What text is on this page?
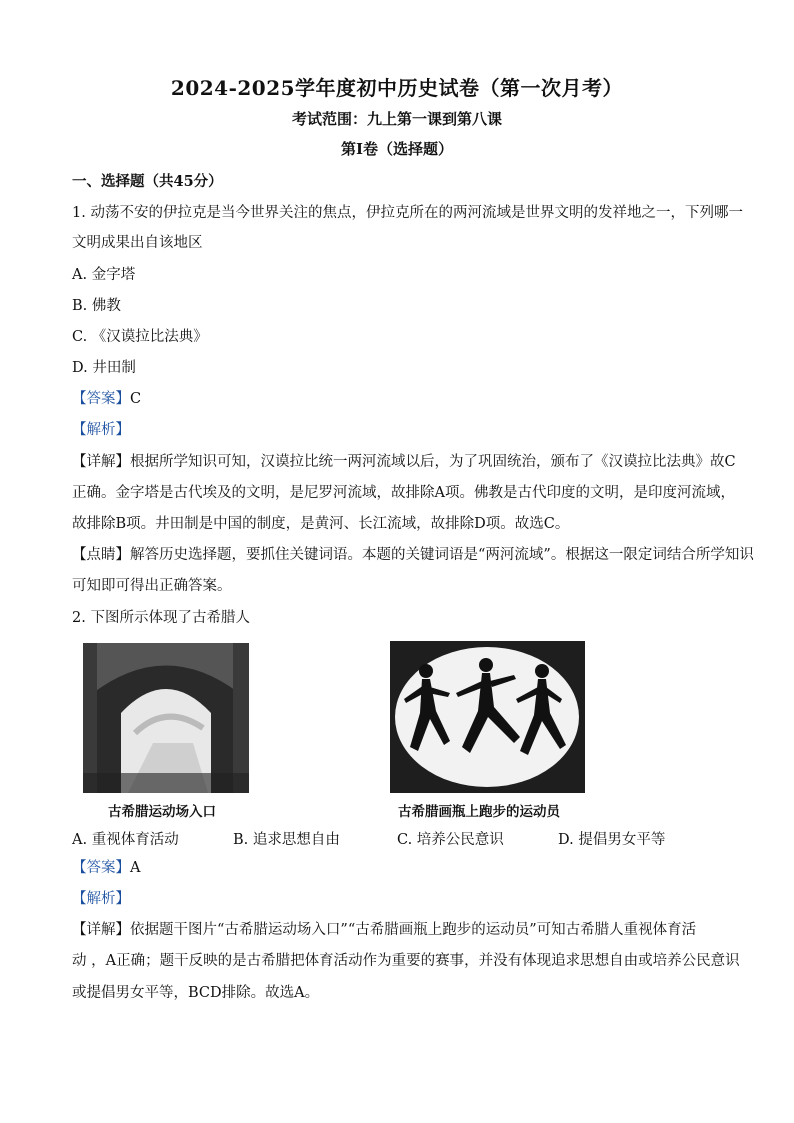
2024-2025学年度初中历史试卷（第一次月考）
考试范围：九上第一课到第八课
第Ⅰ卷（选择题）
一、选择题（共45分）
1. 动荡不安的伊拉克是当今世界关注的焦点，伊拉克所在的两河流域是世界文明的发祥地之一，下列哪一
文明成果出自该地区
A. 金字塔
B. 佛教
C. 《汉谟拉比法典》
D. 井田制
【答案】C
【解析】
【详解】根据所学知识可知，汉谟拉比统一两河流域以后，为了巩固统治，颁布了《汉谟拉比法典》故C
正确。金字塔是古代埃及的文明，是尼罗河流域，故排除A项。佛教是古代印度的文明，是印度河流域，
故排除B项。井田制是中国的制度，是黄河、长江流域，故排除D项。故选C。
【点睛】解答历史选择题，要抓住关键词语。本题的关键词语是“两河流域”。根据这一限定词结合所学知识
可知即可得出正确答案。
2. 下图所示体现了古希腊人
古希腊运动场入口	古希腊画瓶上跑步的运动员
A. 重视体育活动	B. 追求思想自由	C. 培养公民意识	D. 提倡男女平等
【答案】A
【解析】
【详解】依据题干图片“古希腊运动场入口”“古希腊画瓶上跑步的运动员”可知古希腊人重视体育活
动 ，A正确；题干反映的是古希腊把体育活动作为重要的赛事，并没有体现追求思想自由或培养公民意识
或提倡男女平等，BCD排除。故选A。
